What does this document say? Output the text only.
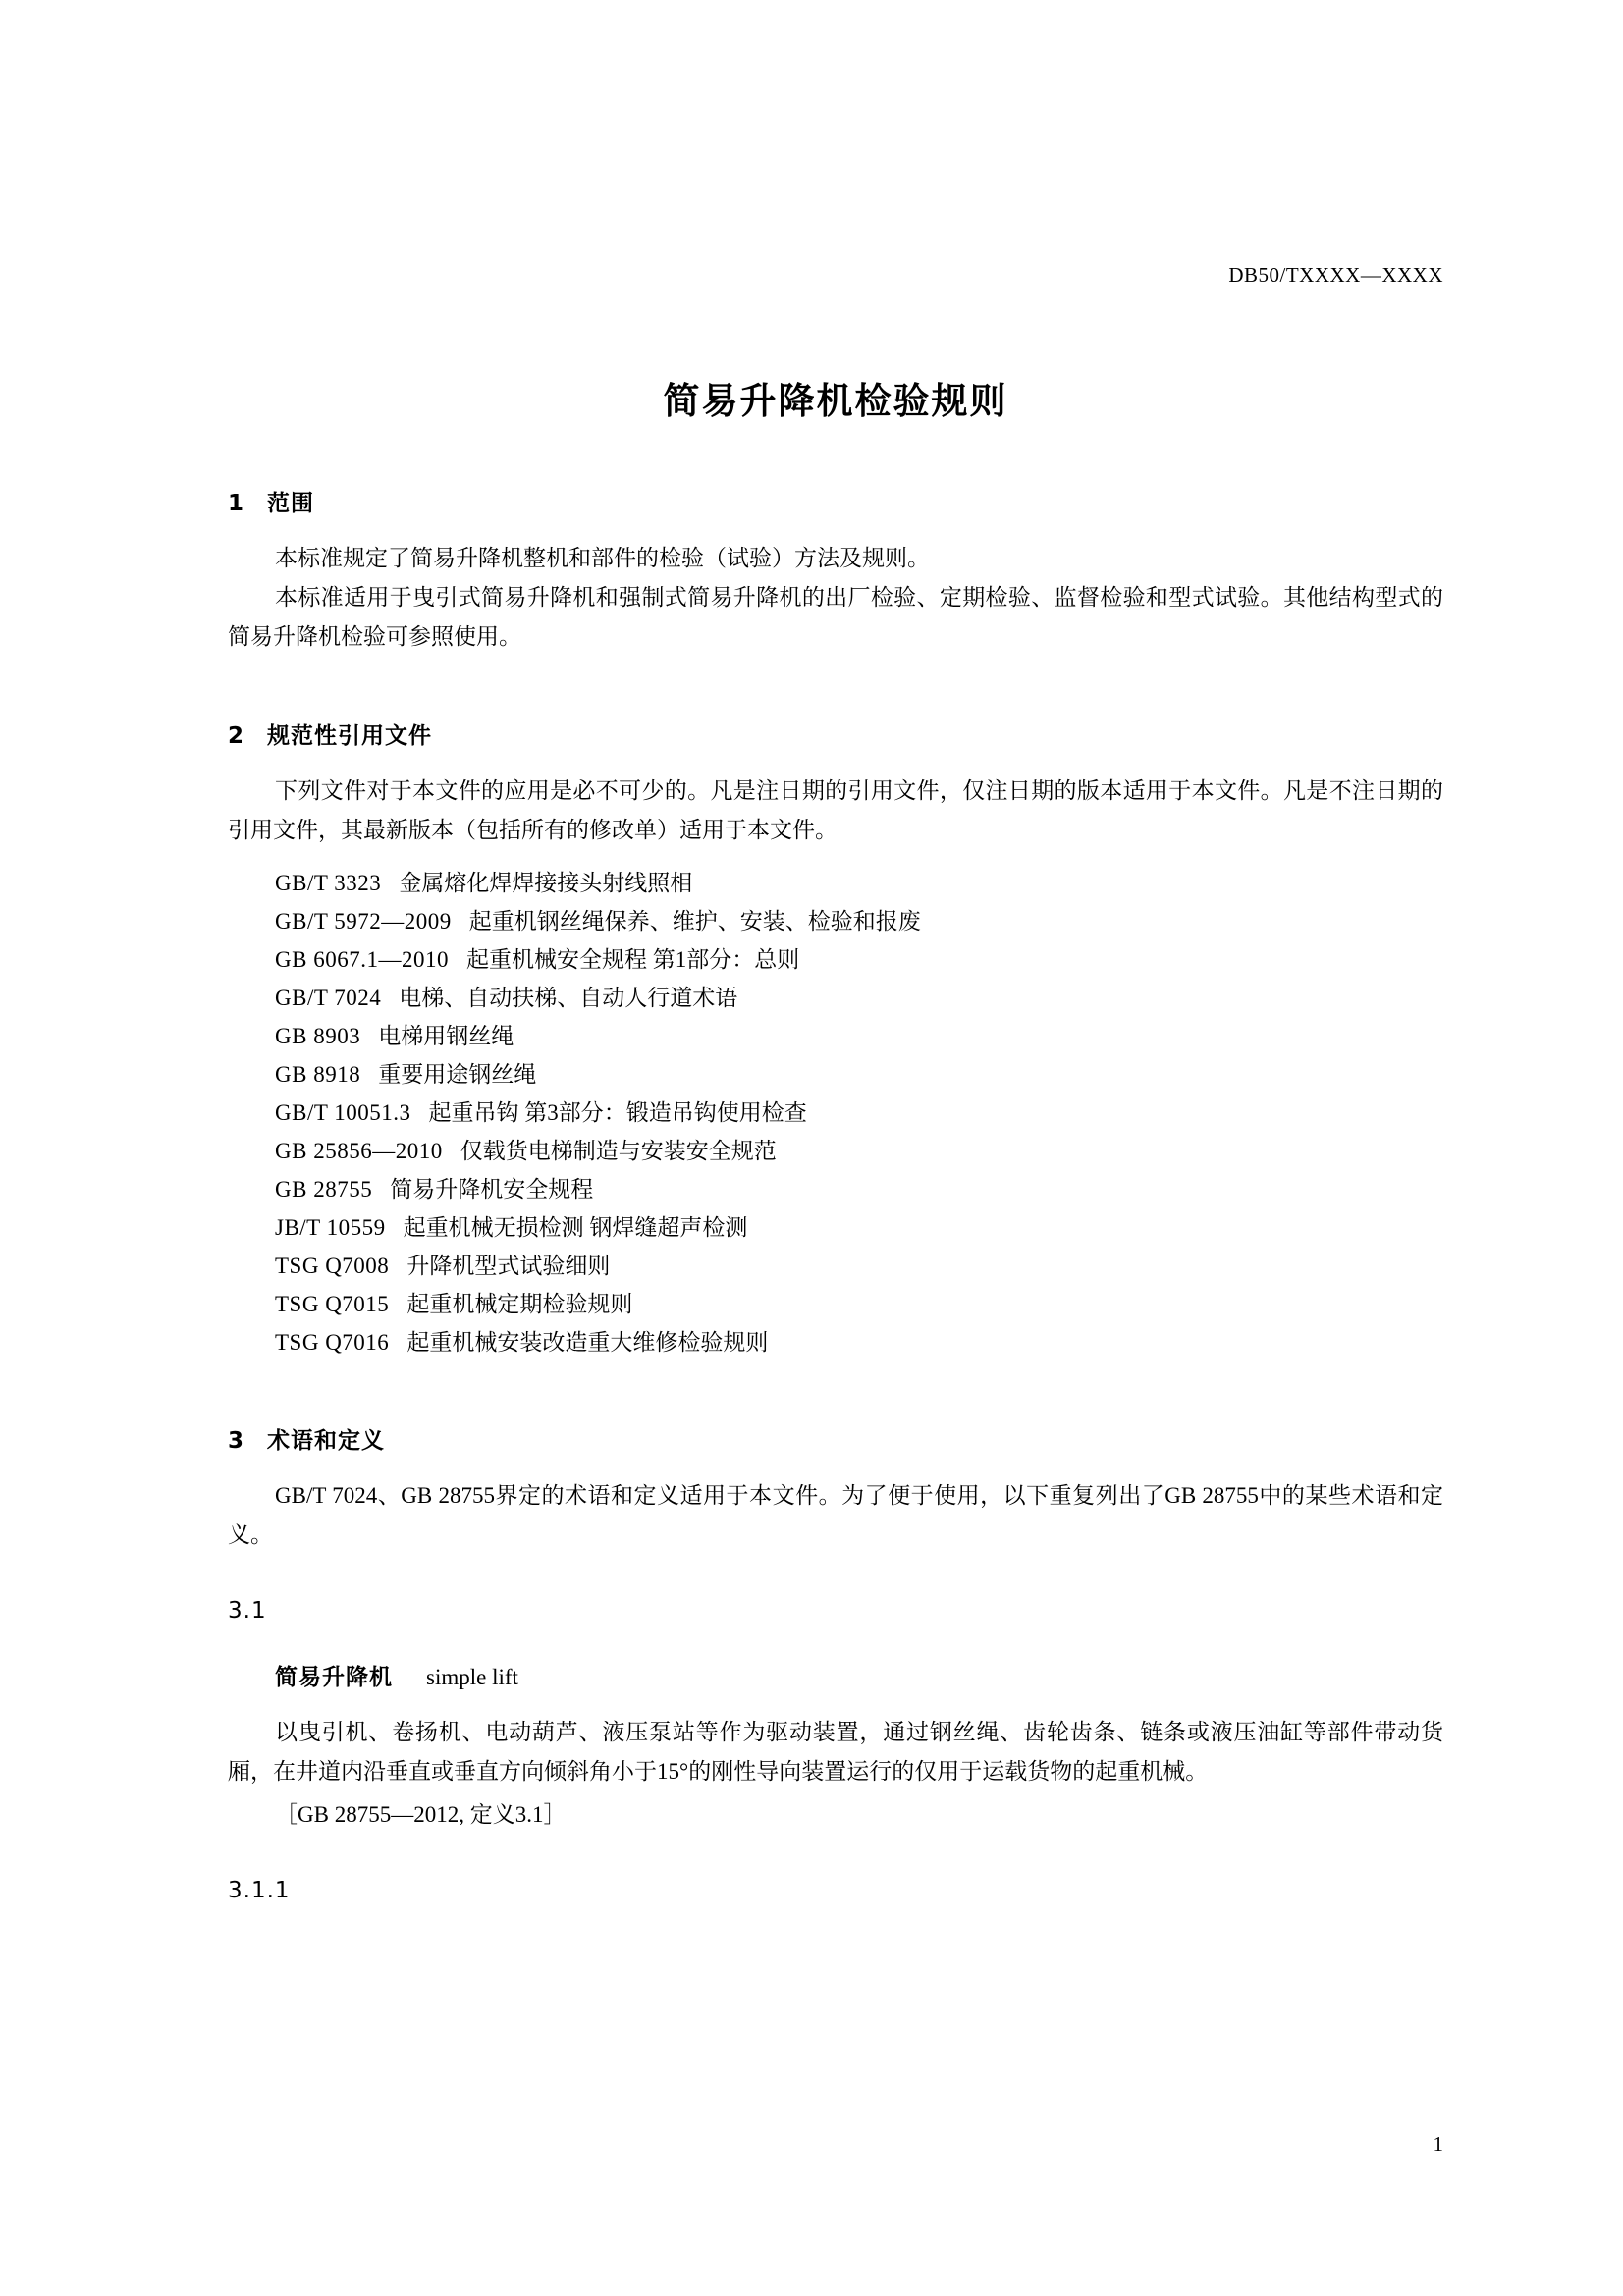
DB50/TXXXX—XXXX
简易升降机检验规则
1 范围
本标准规定了简易升降机整机和部件的检验（试验）方法及规则。
本标准适用于曳引式简易升降机和强制式简易升降机的出厂检验、定期检验、监督检验和型式试验。其他结构型式的简易升降机检验可参照使用。
2 规范性引用文件
下列文件对于本文件的应用是必不可少的。凡是注日期的引用文件，仅注日期的版本适用于本文件。凡是不注日期的引用文件，其最新版本（包括所有的修改单）适用于本文件。
GB/T 3323 金属熔化焊焊接接头射线照相
GB/T 5972—2009 起重机钢丝绳保养、维护、安装、检验和报废
GB 6067.1—2010 起重机械安全规程 第1部分：总则
GB/T 7024 电梯、自动扶梯、自动人行道术语
GB 8903 电梯用钢丝绳
GB 8918 重要用途钢丝绳
GB/T 10051.3 起重吊钩 第3部分：锻造吊钩使用检查
GB 25856—2010 仅载货电梯制造与安装安全规范
GB 28755 简易升降机安全规程
JB/T 10559 起重机械无损检测 钢焊缝超声检测
TSG Q7008 升降机型式试验细则
TSG Q7015 起重机械定期检验规则
TSG Q7016 起重机械安装改造重大维修检验规则
3 术语和定义
GB/T 7024、GB 28755界定的术语和定义适用于本文件。为了便于使用，以下重复列出了GB 28755中的某些术语和定义。
3.1
简易升降机 simple lift
以曳引机、卷扬机、电动葫芦、液压泵站等作为驱动装置，通过钢丝绳、齿轮齿条、链条或液压油缸等部件带动货厢，在井道内沿垂直或垂直方向倾斜角小于15°的刚性导向装置运行的仅用于运载货物的起重机械。
［GB 28755—2012, 定义3.1］
3.1.1
1
